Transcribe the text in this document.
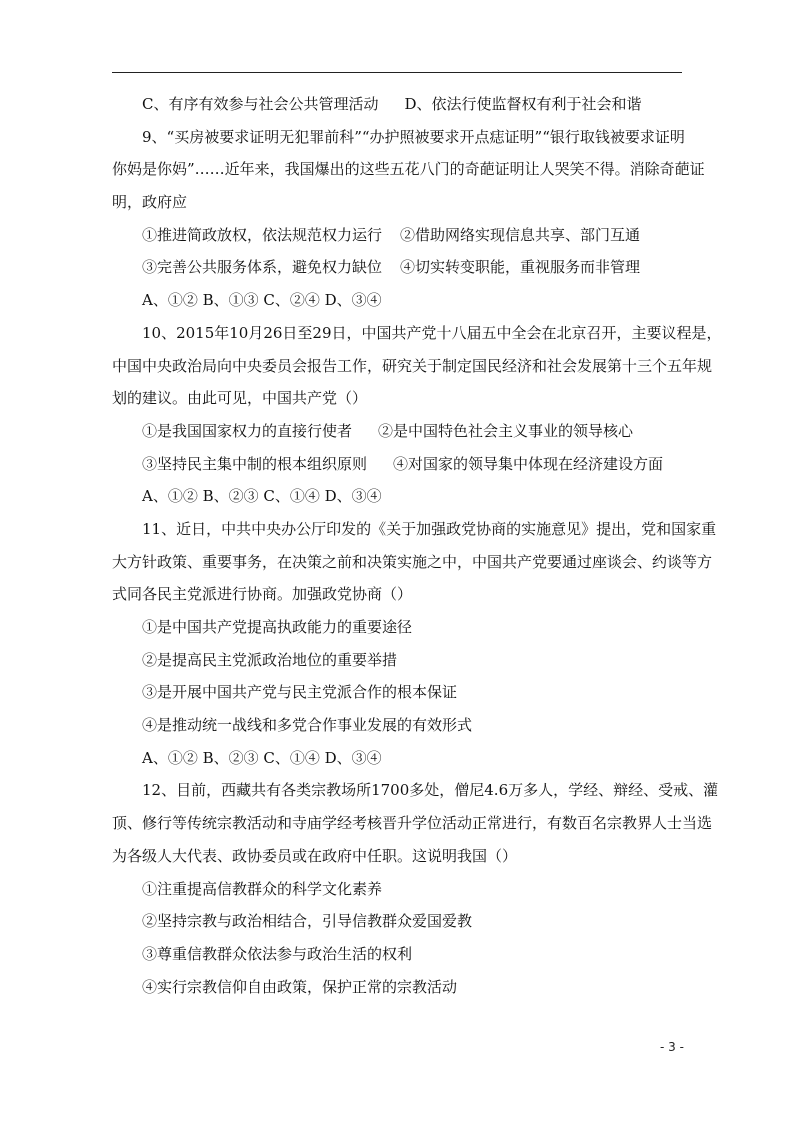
C、有序有效参与社会公共管理活动 D、依法行使监督权有利于社会和谐
9、“买房被要求证明无犯罪前科”“办护照被要求开点痣证明”“银行取钱被要求证明
你妈是你妈”……近年来，我国爆出的这些五花八门的奇葩证明让人哭笑不得。消除奇葩证
明，政府应
①推进简政放权，依法规范权力运行 ②借助网络实现信息共享、部门互通
③完善公共服务体系，避免权力缺位 ④切实转变职能，重视服务而非管理
A、①② B、①③ C、②④ D、③④
10、2015年10月26日至29日，中国共产党十八届五中全会在北京召开，主要议程是，
中国中央政治局向中央委员会报告工作，研究关于制定国民经济和社会发展第十三个五年规
划的建议。由此可见，中国共产党（）
①是我国国家权力的直接行使者 ②是中国特色社会主义事业的领导核心
③坚持民主集中制的根本组织原则 ④对国家的领导集中体现在经济建设方面
A、①② B、②③ C、①④ D、③④
11、近日，中共中央办公厅印发的《关于加强政党协商的实施意见》提出，党和国家重
大方针政策、重要事务，在决策之前和决策实施之中，中国共产党要通过座谈会、约谈等方
式同各民主党派进行协商。加强政党协商（）
①是中国共产党提高执政能力的重要途径
②是提高民主党派政治地位的重要举措
③是开展中国共产党与民主党派合作的根本保证
④是推动统一战线和多党合作事业发展的有效形式
A、①② B、②③ C、①④ D、③④
12、目前，西藏共有各类宗教场所1700多处，僧尼4.6万多人，学经、辩经、受戒、灌
顶、修行等传统宗教活动和寺庙学经考核晋升学位活动正常进行，有数百名宗教界人士当选
为各级人大代表、政协委员或在政府中任职。这说明我国（）
①注重提高信教群众的科学文化素养
②坚持宗教与政治相结合，引导信教群众爱国爱教
③尊重信教群众依法参与政治生活的权利
④实行宗教信仰自由政策，保护正常的宗教活动
- 3 -
